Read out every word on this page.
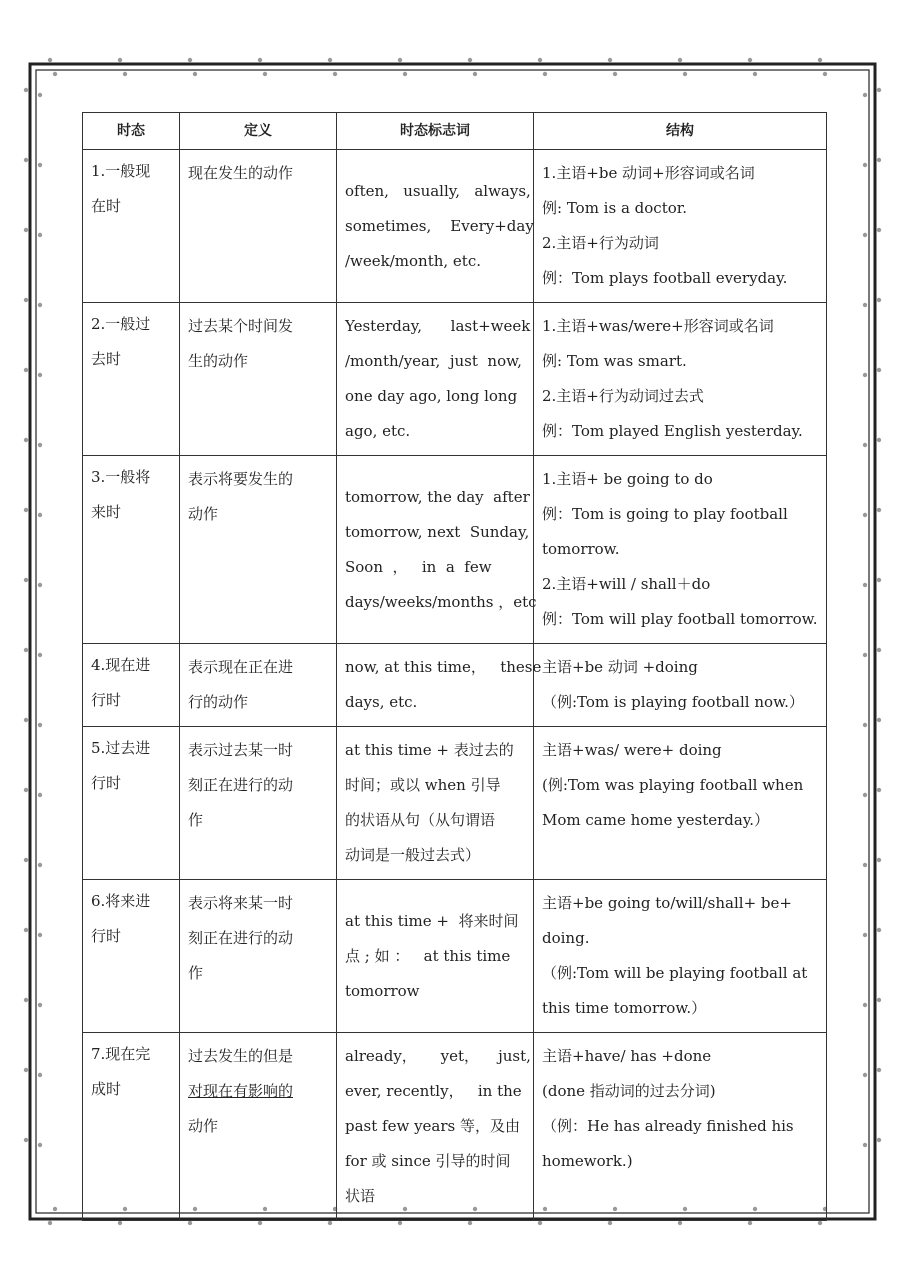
时态	定义	时态标志词	结构

1.一般现
在时	现在发生的动作	often,   usually,   always,
sometimes,    Every+day
/week/month, etc.	1.主语+be 动词+形容词或名词
例: Tom is a doctor.
2.主语+行为动词
例：Tom plays football everyday.

2.一般过
去时	过去某个时间发
生的动作	Yesterday,      last+week
/month/year,  just  now,
one day ago, long long
ago, etc.	1.主语+was/were+形容词或名词
例: Tom was smart.
2.主语+行为动词过去式
例：Tom played English yesterday.

3.一般将
来时	表示将要发生的
动作	tomorrow, the day  after
tomorrow, next  Sunday,
Soon  ，   in  a  few
days/weeks/months ，etc	1.主语+ be going to do
例：Tom is going to play football
tomorrow.
2.主语+will / shall＋do
例：Tom will play football tomorrow.

4.现在进
行时	表示现在正在进
行的动作	now, at this time，   these
days, etc.	主语+be 动词 +doing
（例:Tom is playing football now.）

5.过去进
行时	表示过去某一时
刻正在进行的动
作	at this time + 表过去的
时间；或以 when 引导
的状语从句（从句谓语
动词是一般过去式）	主语+was/ were+ doing
(例:Tom was playing football when
Mom came home yesterday.）

6.将来进
行时	表示将来某一时
刻正在进行的动
作	at this time +  将来时间
点 ; 如 ：   at this time
tomorrow	主语+be going to/will/shall+ be+
doing.
（例:Tom will be playing football at
this time tomorrow.）

7.现在完
成时	过去发生的但是
对现在有影响的
动作	already，     yet，    just,
ever, recently，   in the
past few years 等，及由
for 或 since 引导的时间
状语	主语+have/ has +done
(done 指动词的过去分词)
（例：He has already finished his
homework.)
